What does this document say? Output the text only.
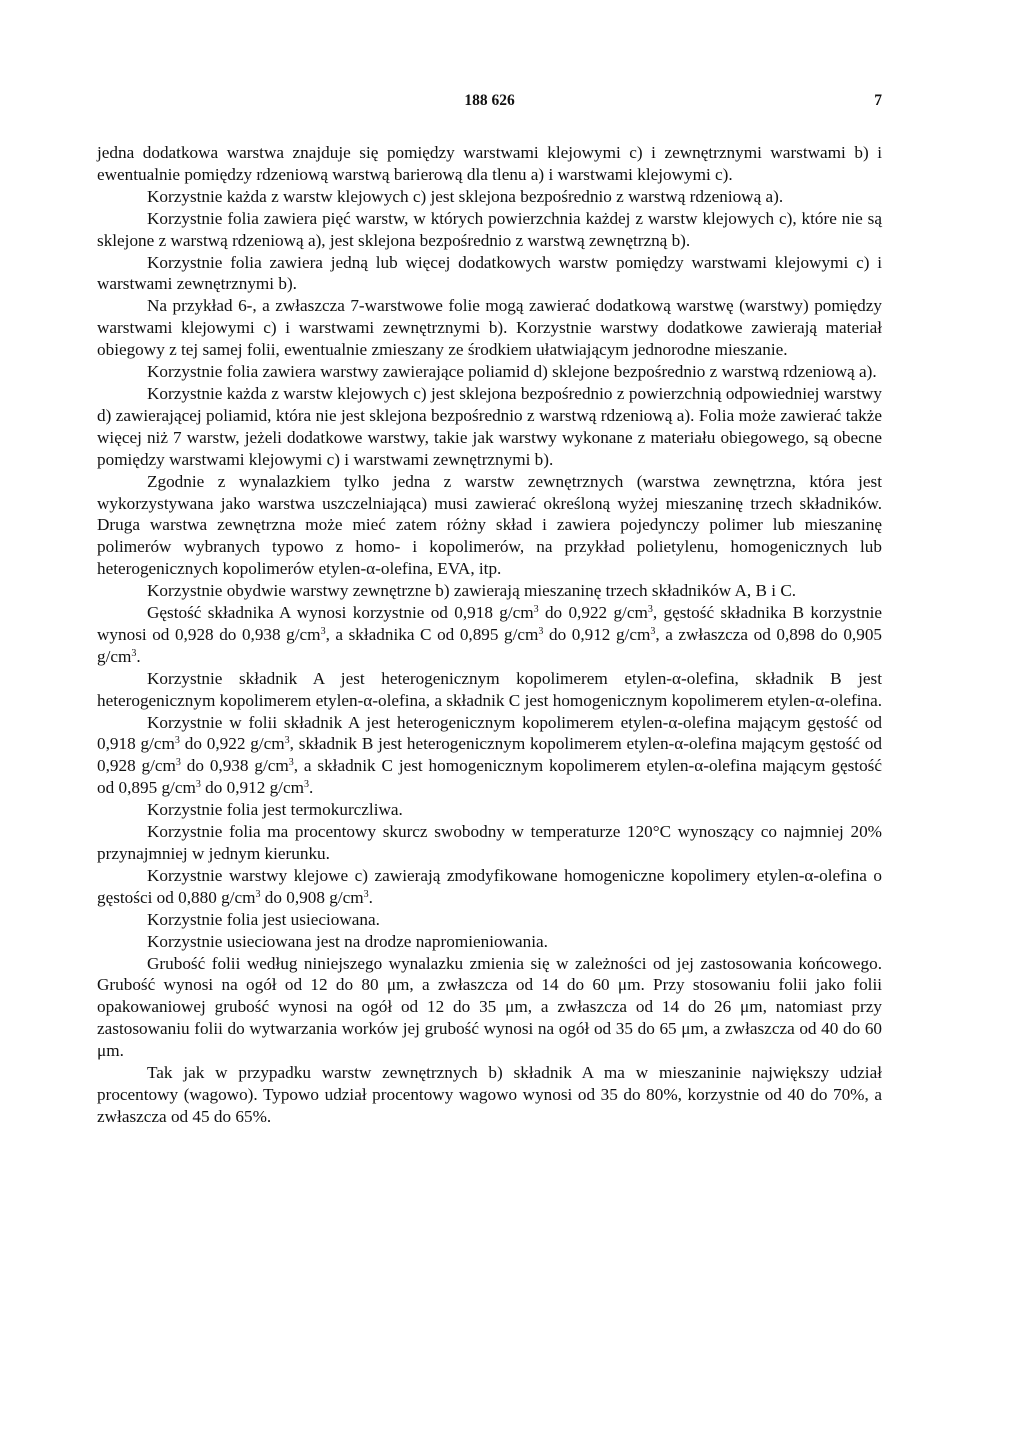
188 626	7

jedna dodatkowa warstwa znajduje się pomiędzy warstwami klejowymi c) i zewnętrznymi warstwami b) i ewentualnie pomiędzy rdzeniową warstwą barierową dla tlenu a) i warstwami klejowymi c).

Korzystnie każda z warstw klejowych c) jest sklejona bezpośrednio z warstwą rdzeniową a).

Korzystnie folia zawiera pięć warstw, w których powierzchnia każdej z warstw klejowych c), które nie są sklejone z warstwą rdzeniową a), jest sklejona bezpośrednio z warstwą zewnętrzną b).

Korzystnie folia zawiera jedną lub więcej dodatkowych warstw pomiędzy warstwami klejowymi c) i warstwami zewnętrznymi b).

Na przykład 6-, a zwłaszcza 7-warstwowe folie mogą zawierać dodatkową warstwę (warstwy) pomiędzy warstwami klejowymi c) i warstwami zewnętrznymi b). Korzystnie warstwy dodatkowe zawierają materiał obiegowy z tej samej folii, ewentualnie zmieszany ze środkiem ułatwiającym jednorodne mieszanie.

Korzystnie folia zawiera warstwy zawierające poliamid d) sklejone bezpośrednio z warstwą rdzeniową a).

Korzystnie każda z warstw klejowych c) jest sklejona bezpośrednio z powierzchnią odpowiedniej warstwy d) zawierającej poliamid, która nie jest sklejona bezpośrednio z warstwą rdzeniową a). Folia może zawierać także więcej niż 7 warstw, jeżeli dodatkowe warstwy, takie jak warstwy wykonane z materiału obiegowego, są obecne pomiędzy warstwami klejowymi c) i warstwami zewnętrznymi b).

Zgodnie z wynalazkiem tylko jedna z warstw zewnętrznych (warstwa zewnętrzna, która jest wykorzystywana jako warstwa uszczelniająca) musi zawierać określoną wyżej mieszaninę trzech składników. Druga warstwa zewnętrzna może mieć zatem różny skład i zawiera pojedynczy polimer lub mieszaninę polimerów wybranych typowo z homo- i kopolimerów, na przykład polietylenu, homogenicznych lub heterogenicznych kopolimerów etylen-α-olefina, EVA, itp.

Korzystnie obydwie warstwy zewnętrzne b) zawierają mieszaninę trzech składników A, B i C.

Gęstość składnika A wynosi korzystnie od 0,918 $g/cm^3$ do 0,922 $g/cm^3$, gęstość składnika B korzystnie wynosi od 0,928 do 0,938 $g/cm^3$, a składnika C od 0,895 $g/cm^3$ do 0,912 $g/cm^3$, a zwłaszcza od 0,898 do 0,905 $g/cm^3$.

Korzystnie składnik A jest heterogenicznym kopolimerem etylen-α-olefina, składnik B jest heterogenicznym kopolimerem etylen-α-olefina, a składnik C jest homogenicznym kopolimerem etylen-α-olefina.

Korzystnie w folii składnik A jest heterogenicznym kopolimerem etylen-α-olefina mającym gęstość od 0,918 $g/cm^3$ do 0,922 $g/cm^3$, składnik B jest heterogenicznym kopolimerem etylen-α-olefina mającym gęstość od 0,928 $g/cm^3$ do 0,938 $g/cm^3$, a składnik C jest homogenicznym kopolimerem etylen-α-olefina mającym gęstość od 0,895 $g/cm^3$ do 0,912 $g/cm^3$.

Korzystnie folia jest termokurczliwa.

Korzystnie folia ma procentowy skurcz swobodny w temperaturze 120°C wynoszący co najmniej 20% przynajmniej w jednym kierunku.

Korzystnie warstwy klejowe c) zawierają zmodyfikowane homogeniczne kopolimery etylen-α-olefina o gęstości od 0,880 $g/cm^3$ do 0,908 $g/cm^3$.

Korzystnie folia jest usieciowana.

Korzystnie usieciowana jest na drodze napromieniowania.

Grubość folii według niniejszego wynalazku zmienia się w zależności od jej zastosowania końcowego. Grubość wynosi na ogół od 12 do 80 μm, a zwłaszcza od 14 do 60 μm. Przy stosowaniu folii jako folii opakowaniowej grubość wynosi na ogół od 12 do 35 μm, a zwłaszcza od 14 do 26 μm, natomiast przy zastosowaniu folii do wytwarzania worków jej grubość wynosi na ogół od 35 do 65 μm, a zwłaszcza od 40 do 60 μm.

Tak jak w przypadku warstw zewnętrznych b) składnik A ma w mieszaninie największy udział procentowy (wagowo). Typowo udział procentowy wagowo wynosi od 35 do 80%, korzystnie od 40 do 70%, a zwłaszcza od 45 do 65%.
